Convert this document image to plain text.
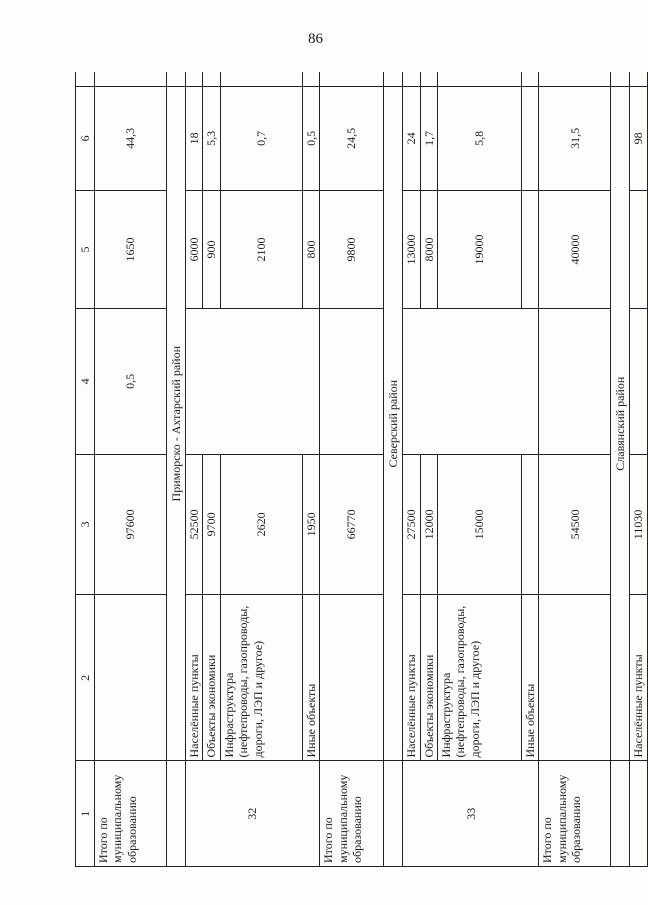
86
1	2	3	4	5	6	
Итого по муниципальному образованию		97600	0,5	1650	44,3	
	Приморско - Ахтарский район					
32	Населённые пункты	52500		6000	18	
	Объекты экономики	9700		900	5,3	
	Инфраструктура (нефтепроводы, газопроводы, дороги, ЛЭП и другое)	2620		2100	0,7	
	Иные объекты	1950		800	0,5	
Итого по муниципальному образованию		66770		9800	24,5	
	Северский район					
33	Населённые пункты	27500		13000	24	
	Объекты экономики	12000		8000	1,7	
	Инфраструктура (нефтепроводы, газопроводы, дороги, ЛЭП и другое)	15000		19000	5,8	
	Иные объекты					
Итого по муниципальному образованию		54500		40000	31,5	
	Славянский район					
	Населённые пункты	11030			98	
